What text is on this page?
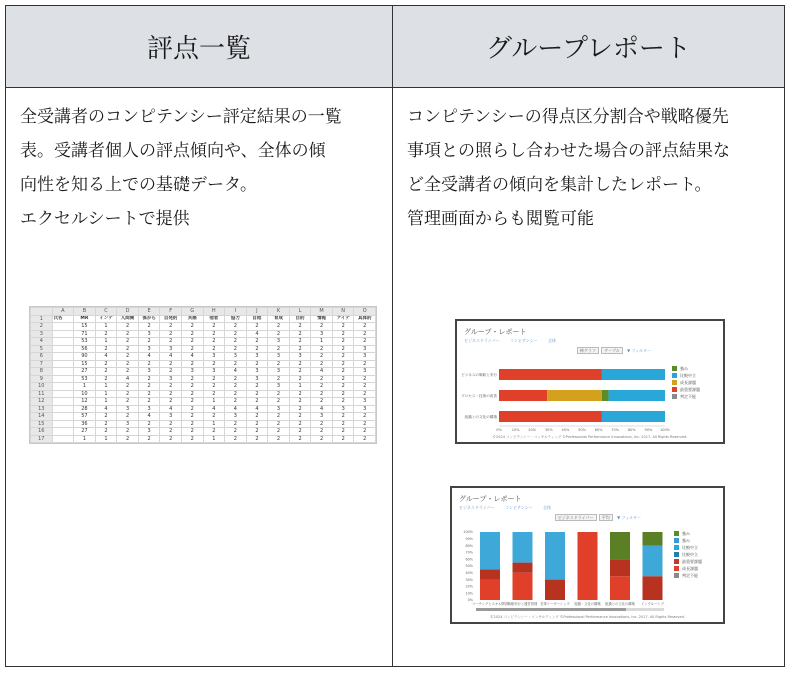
評点一覧

全受講者のコンピテンシー評定結果の一覧

表。受講者個人の評点傾向や、全体の傾

向性を知る上での基礎データ。

エクセルシートで提供

	A	B	C	D	E	F	G	H	I	J	K	L	M	N	O
1	氏名	MR	インテ	人間関	係から	自発的	共感	他者	協力	自他	育成	目的	情報	アイデ	具体的
2		15	1	2	2	2	2	2	2	2	2	2	2	2	2
3		71	2	2	3	2	2	2	2	4	2	2	3	2	2
4		53	1	2	2	2	2	2	2	2	3	2	1	2	2
5		56	2	2	3	3	2	2	2	2	2	2	2	2	3
6		90	4	2	4	4	4	3	3	3	3	3	2	2	3
7		15	2	2	2	2	2	2	2	2	2	2	2	2	2
8		27	2	2	3	2	3	3	4	3	3	2	4	2	3
9		53	2	4	2	3	2	2	2	3	2	2	2	2	2
10		1	1	2	2	2	2	2	2	2	3	1	2	2	2
11		10	1	2	2	2	2	2	2	2	2	2	2	2	2
12		12	1	2	2	2	2	1	2	2	2	2	2	2	3
13		28	4	3	3	4	2	4	4	4	3	2	4	3	3
14		57	2	2	4	3	2	2	3	2	2	2	3	2	2
15		36	2	3	2	2	2	1	2	2	2	2	2	2	2
16		27	2	2	3	2	2	2	2	2	2	2	2	2	2
17		1	1	2	2	2	2	1	2	2	2	2	2	2	2
グループレポート

コンピテンシーの得点区分割合や戦略優先

事項との照らし合わせた場合の評点結果な

ど全受講者の傾向を集計したレポート。

管理画面からも閲覧可能

グループ・レポート
ビジネスドライバー	コンピテンシー	全体
棒グラフ テーブル ▼ フィルター
ビジネスの戦略と実行
プロセス・技術の改善
組織との文化の構築
0%	10%	20%	30%	40%	50%	60%	70%	80%	90% 100%
強み
比較中立
成長課題
最重要課題
判定不能
©2024 コンピテンシー・コンサルティング ©Professional Performance Innovations, Inc. 2017. All Rights Reserved.
グループ・レポート
ビジネスドライバー	コンピテンシー	全体
ビジネスドライバー 平均 ▼ フィルター
100%
90%
80%
70%
60%
50%
40%
30%
20%
10%
0%
コーチングとスキル開発 戦略実行と運営管理 変革リーダーシップ 組織・文化の構築 組織との文化の構築 インクルーシブ
強み
強み
比較中立
比較中立
最重要課題
成長課題
判定不能
©2024 コンピテンシー・コンサルティング ©Professional Performance Innovations, Inc. 2017. All Rights Reserved.
